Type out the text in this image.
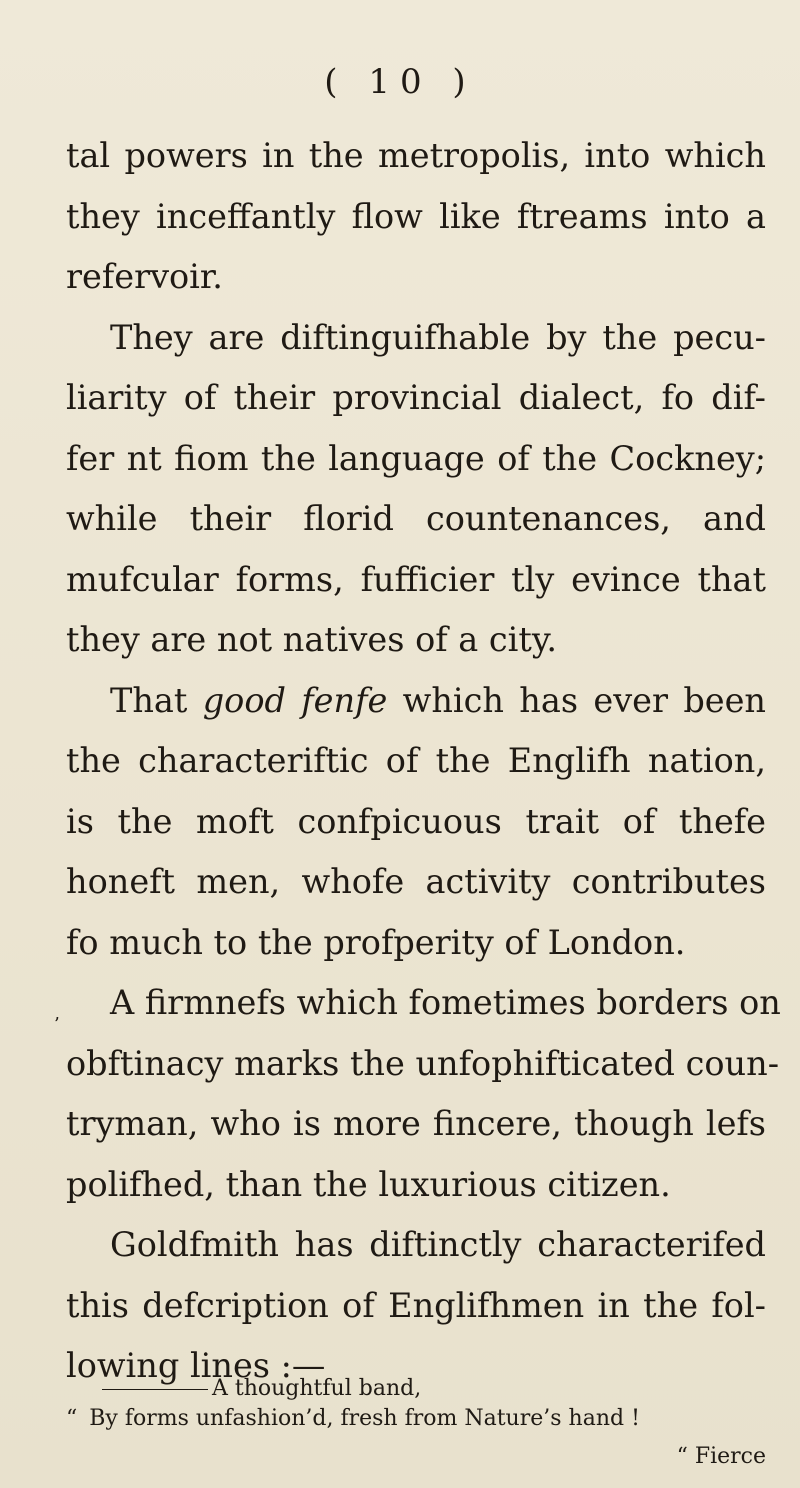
( 10 )
tal powers in the metropolis, into which
they inceffantly flow like ftreams into a
refervoir.
They are diftinguifhable by the pecu-
liarity of their provincial dialect, fo dif-
fer nt fiom the language of the Cockney;
while their florid countenances, and
mufcular forms, fufficier tly evince that
they are not natives of a city.
That good fenfe which has ever been
the characteriftic of the Englifh nation,
is the moft confpicuous trait of thefe
honeft men, whofe activity contributes
fo much to the profperity of London.
’
A firmnefs which fometimes borders on
obftinacy marks the unfophifticated coun-
tryman, who is more fincere, though lefs
polifhed, than the luxurious citizen.
Goldfmith has diftinctly characterifed
this defcription of Englifhmen in the fol-
lowing lines :—
A thoughtful band,
“ By forms unfashion’d, fresh from Nature’s hand !
“ Fierce
